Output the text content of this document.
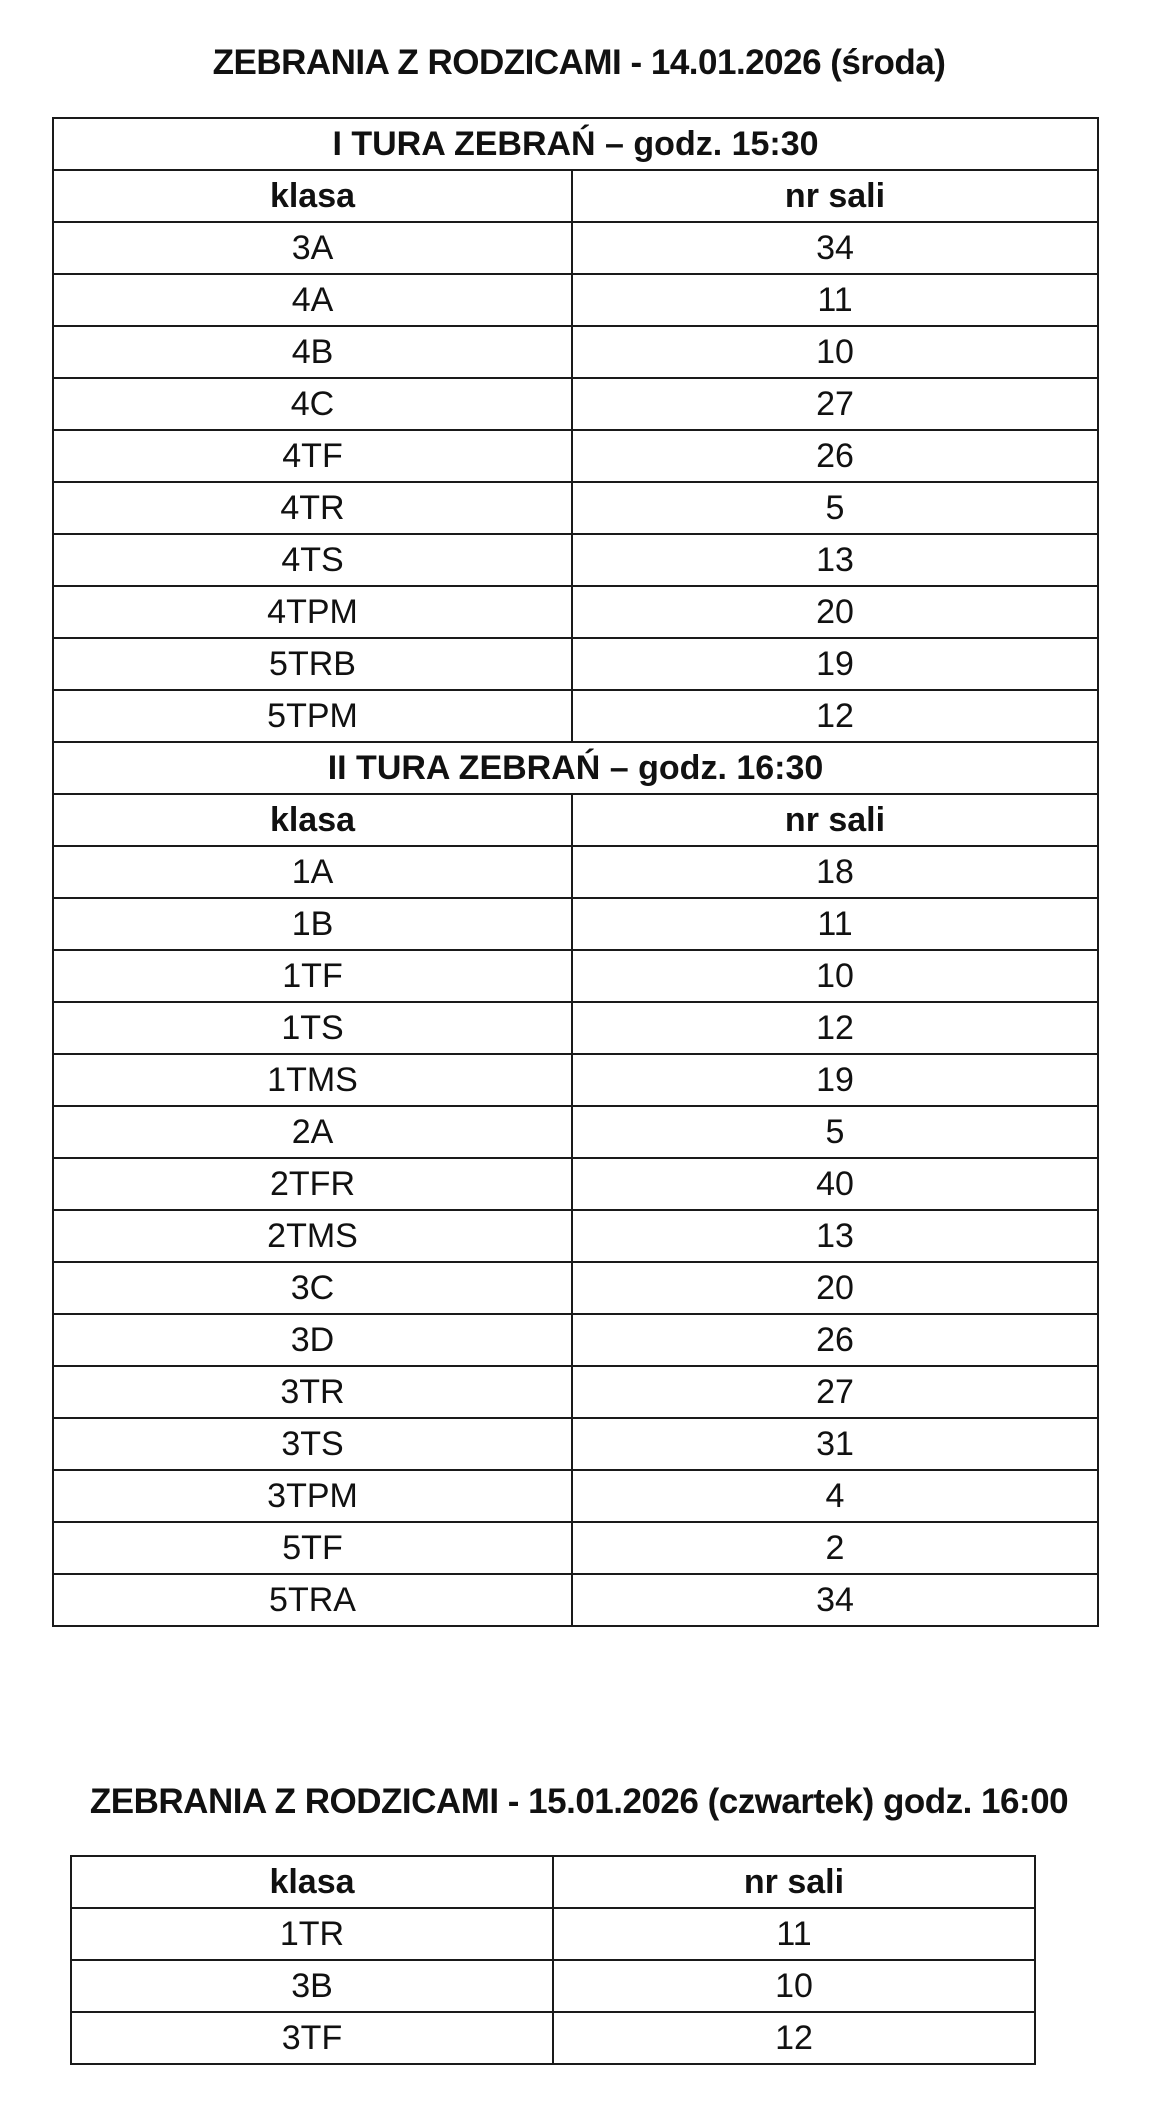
ZEBRANIA Z RODZICAMI - 14.01.2026 (środa)
I TURA ZEBRAŃ – godz. 15:30	
klasa	nr sali
3A	34
4A	11
4B	10
4C	27
4TF	26
4TR	5
4TS	13
4TPM	20
5TRB	19
5TPM	12
II TURA ZEBRAŃ – godz. 16:30	
klasa	nr sali
1A	18
1B	11
1TF	10
1TS	12
1TMS	19
2A	5
2TFR	40
2TMS	13
3C	20
3D	26
3TR	27
3TS	31
3TPM	4
5TF	2
5TRA	34
ZEBRANIA Z RODZICAMI - 15.01.2026 (czwartek) godz. 16:00
klasa	nr sali
1TR	11
3B	10
3TF	12
